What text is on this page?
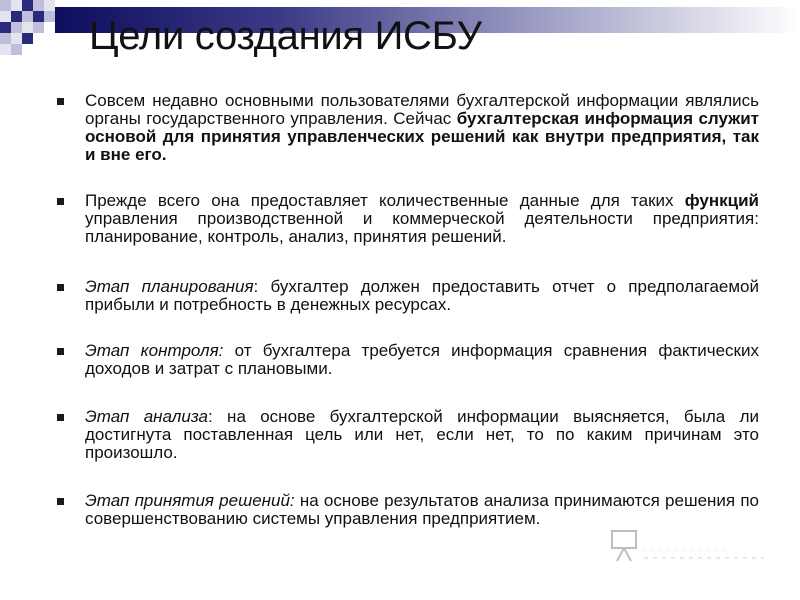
Цели создания ИСБУ

Совсем недавно основными пользователями бухгалтерской информации являлись органы государственного управления. Сейчас бухгалтерская информация служит основой для принятия управленческих решений как внутри предприятия, так и вне его.

Прежде всего она предоставляет количественные данные для таких функций управления производственной и коммерческой деятельности предприятия: планирование, контроль, анализ, принятия решений.

Этап планирования: бухгалтер должен предоставить отчет о предполагаемой прибыли и потребность в денежных ресурсах.

Этап контроля: от бухгалтера требуется информация сравнения фактических доходов и затрат с плановыми.

Этап анализа: на основе бухгалтерской информации выясняется, была ли достигнута поставленная цель или нет, если нет, то по каким причинам это произошло.

Этап принятия решений: на основе результатов анализа принимаются решения по совершенствованию системы управления предприятием.
